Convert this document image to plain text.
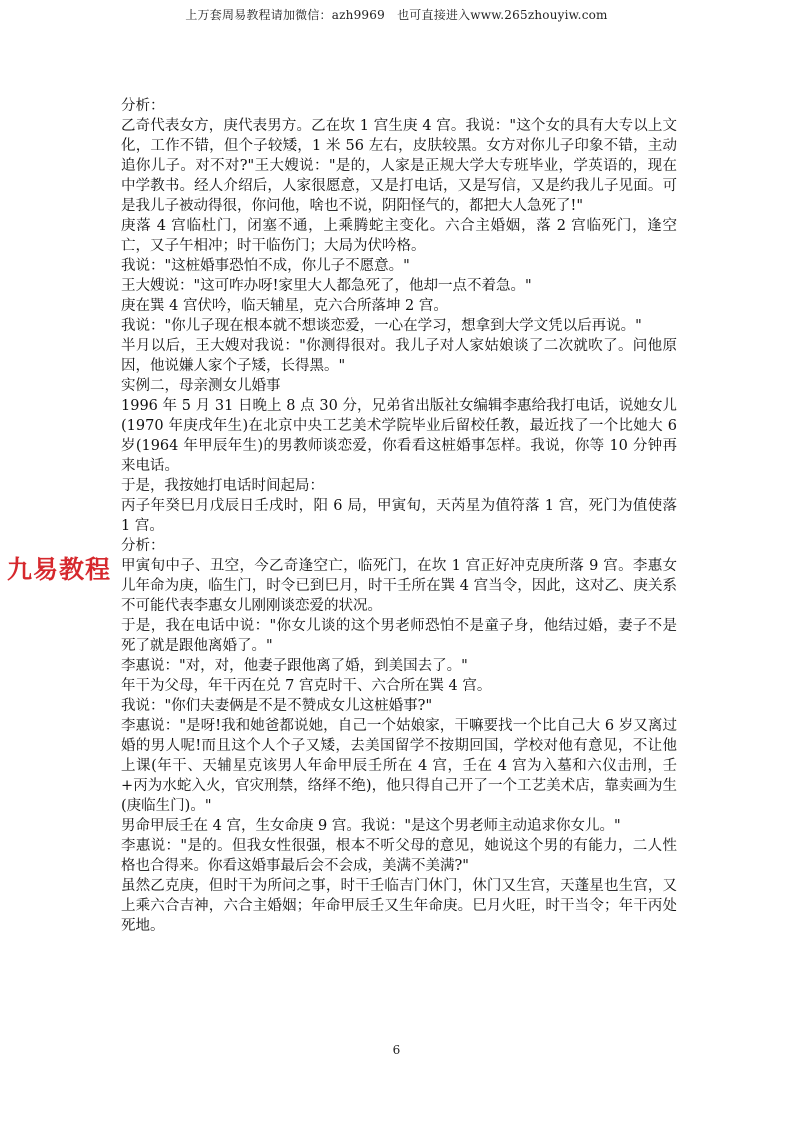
上万套周易教程请加微信：azh9969　也可直接进入www.265zhouyiw.com

分析：

乙奇代表女方，庚代表男方。乙在坎 1 宫生庚 4 宫。我说："这个女的具有大专以上文化，工作不错，但个子较矮，1 米 56 左右，皮肤较黑。女方对你儿子印象不错，主动追你儿子。对不对?"王大嫂说："是的，人家是正规大学大专班毕业，学英语的，现在中学教书。经人介绍后，人家很愿意，又是打电话，又是写信，又是约我儿子见面。可是我儿子被动得很，你问他，啥也不说，阴阳怪气的，都把大人急死了!"

庚落 4 宫临杜门，闭塞不通，上乘腾蛇主变化。六合主婚姻，落 2 宫临死门，逢空亡，又子午相冲；时干临伤门；大局为伏吟格。

我说："这桩婚事恐怕不成，你儿子不愿意。"

王大嫂说："这可咋办呀!家里大人都急死了，他却一点不着急。"

庚在巽 4 宫伏吟，临天辅星，克六合所落坤 2 宫。

我说："你儿子现在根本就不想谈恋爱，一心在学习，想拿到大学文凭以后再说。"

半月以后，王大嫂对我说："你测得很对。我儿子对人家姑娘谈了二次就吹了。问他原因，他说嫌人家个子矮，长得黑。"

实例二，母亲测女儿婚事

1996 年 5 月 31 日晚上 8 点 30 分，兄弟省出版社女编辑李惠给我打电话，说她女儿(1970 年庚戌年生)在北京中央工艺美术学院毕业后留校任教，最近找了一个比她大 6 岁(1964 年甲辰年生)的男教师谈恋爱，你看看这桩婚事怎样。我说，你等 10 分钟再来电话。

于是，我按她打电话时间起局：

丙子年癸巳月戊辰日壬戌时，阳 6 局，甲寅旬，天芮星为值符落 1 宫，死门为值使落 1 宫。

分析：

甲寅旬中子、丑空，今乙奇逢空亡，临死门，在坎 1 宫正好冲克庚所落 9 宫。李惠女儿年命为庚，临生门，时令已到巳月，时干壬所在巽 4 宫当令，因此，这对乙、庚关系不可能代表李惠女儿刚刚谈恋爱的状况。

于是，我在电话中说："你女儿谈的这个男老师恐怕不是童子身，他结过婚，妻子不是死了就是跟他离婚了。"

李惠说："对，对，他妻子跟他离了婚，到美国去了。"

年干为父母，年干丙在兑 7 宫克时干、六合所在巽 4 宫。

我说："你们夫妻俩是不是不赞成女儿这桩婚事?"

李惠说："是呀!我和她爸都说她，自己一个姑娘家，干嘛要找一个比自己大 6 岁又离过婚的男人呢!而且这个人个子又矮，去美国留学不按期回国，学校对他有意见，不让他上课(年干、天辅星克该男人年命甲辰壬所在 4 宫，壬在 4 宫为入墓和六仪击刑，壬+丙为水蛇入火，官灾刑禁，络绎不绝)，他只得自己开了一个工艺美术店，靠卖画为生(庚临生门)。"

男命甲辰壬在 4 宫，生女命庚 9 宫。我说："是这个男老师主动追求你女儿。"

李惠说："是的。但我女性很强，根本不听父母的意见，她说这个男的有能力，二人性格也合得来。你看这婚事最后会不会成，美满不美满?"

虽然乙克庚，但时干为所问之事，时干壬临吉门休门，休门又生宫，天蓬星也生宫，又上乘六合吉神，六合主婚姻；年命甲辰壬又生年命庚。巳月火旺，时干当令；年干丙处死地。

九易教程
6
